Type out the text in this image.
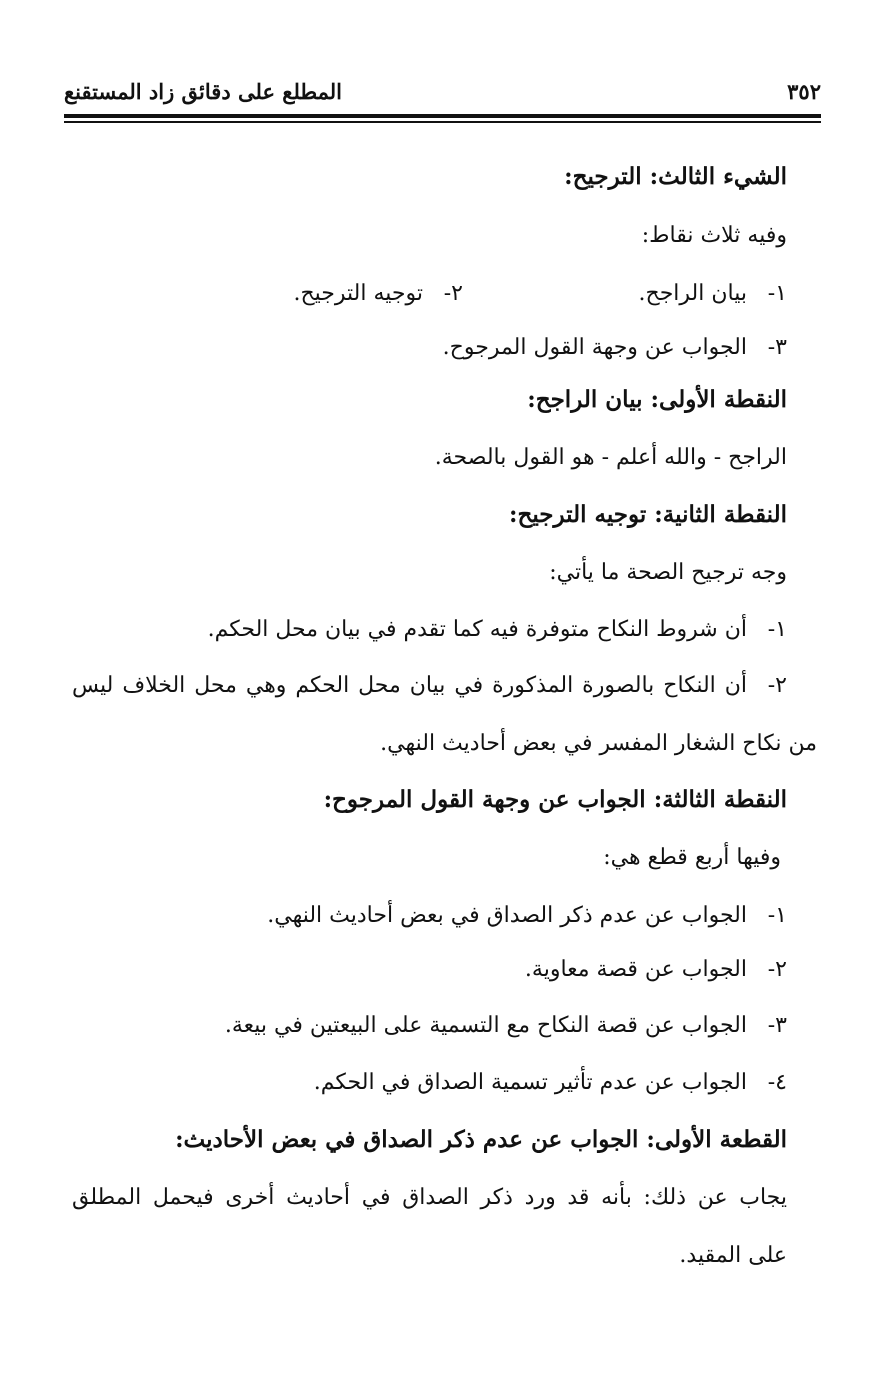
٣٥٢
المطلع على دقائق زاد المستقنع
الشيء الثالث: الترجيح:
وفيه ثلاث نقاط:
١-بيان الراجح.
٢-توجيه الترجيح.
٣-الجواب عن وجهة القول المرجوح.
النقطة الأولى: بيان الراجح:
الراجح - والله أعلم - هو القول بالصحة.
النقطة الثانية: توجيه الترجيح:
وجه ترجيح الصحة ما يأتي:
١-أن شروط النكاح متوفرة فيه كما تقدم في بيان محل الحكم.
٢-أن النكاح بالصورة المذكورة في بيان محل الحكم وهي محل الخلاف ليس
من نكاح الشغار المفسر في بعض أحاديث النهي.
النقطة الثالثة: الجواب عن وجهة القول المرجوح:
وفيها أربع قطع هي:
١-الجواب عن عدم ذكر الصداق في بعض أحاديث النهي.
٢-الجواب عن قصة معاوية.
٣-الجواب عن قصة النكاح مع التسمية على البيعتين في بيعة.
٤-الجواب عن عدم تأثير تسمية الصداق في الحكم.
القطعة الأولى: الجواب عن عدم ذكر الصداق في بعض الأحاديث:
يجاب عن ذلك: بأنه قد ورد ذكر الصداق في أحاديث أخرى فيحمل المطلق
على المقيد.
